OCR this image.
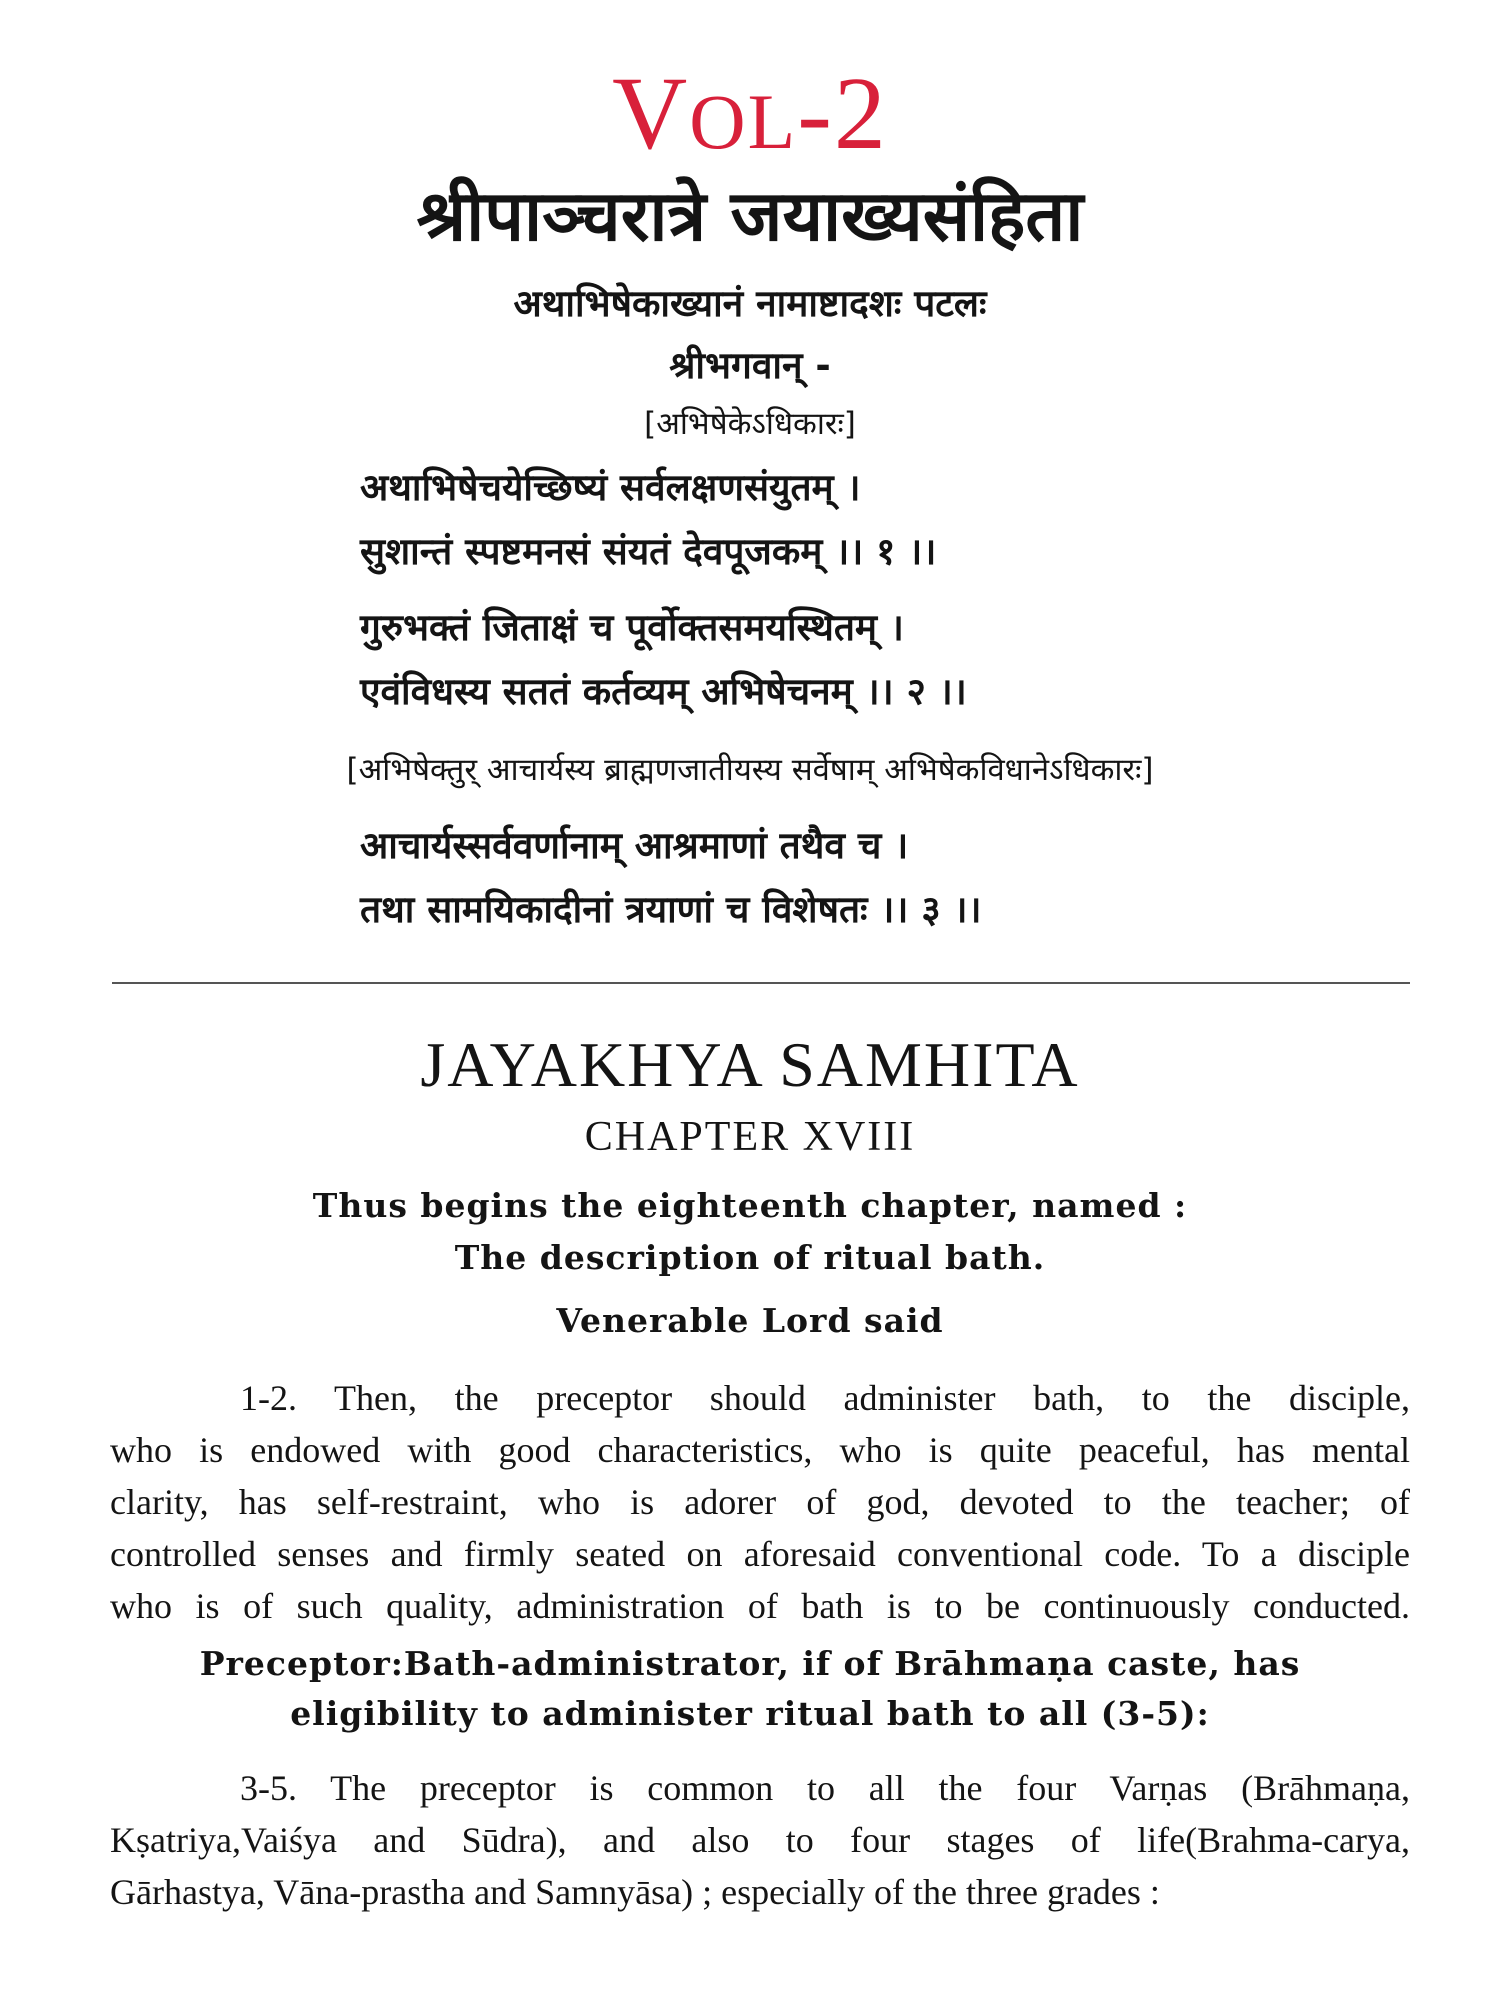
VOL-2
श्रीपाञ्चरात्रे जयाख्यसंहिता
अथाभिषेकाख्यानं नामाष्टादशः पटलः
श्रीभगवान् -
[अभिषेकेऽधिकारः]
अथाभिषेचयेच्छिष्यं सर्वलक्षणसंयुतम् ।
सुशान्तं स्पष्टमनसं संयतं देवपूजकम् ।। १ ।।
गुरुभक्तं जिताक्षं च पूर्वोक्तसमयस्थितम् ।
एवंविधस्य सततं कर्तव्यम् अभिषेचनम् ।। २ ।।
[अभिषेक्तुर् आचार्यस्य ब्राह्मणजातीयस्य सर्वेषाम् अभिषेकविधानेऽधिकारः]
आचार्यस्सर्ववर्णानाम् आश्रमाणां तथैव च ।
तथा सामयिकादीनां त्रयाणां च विशेषतः ।। ३ ।।
JAYAKHYA SAMHITA
CHAPTER XVIII
Thus begins the eighteenth chapter, named :
The description of ritual bath.
Venerable Lord said
1-2. Then, the preceptor should administer bath, to the disciple,
who is endowed with good characteristics, who is quite peaceful, has mental
clarity, has self-restraint, who is adorer of god, devoted to the teacher; of
controlled senses and firmly seated on aforesaid conventional code. To a disciple
who is of such quality, administration of bath is to be continuously conducted.
Preceptor:Bath-administrator, if of Brāhmaṇa caste, has
eligibility to administer ritual bath to all (3-5):
3-5. The preceptor is common to all the four Varṇas (Brāhmaṇa,
Kṣatriya,Vaiśya and Sūdra), and also to four stages of life(Brahma-carya,
Gārhastya, Vāna-prastha and Samnyāsa) ; especially of the three grades :
